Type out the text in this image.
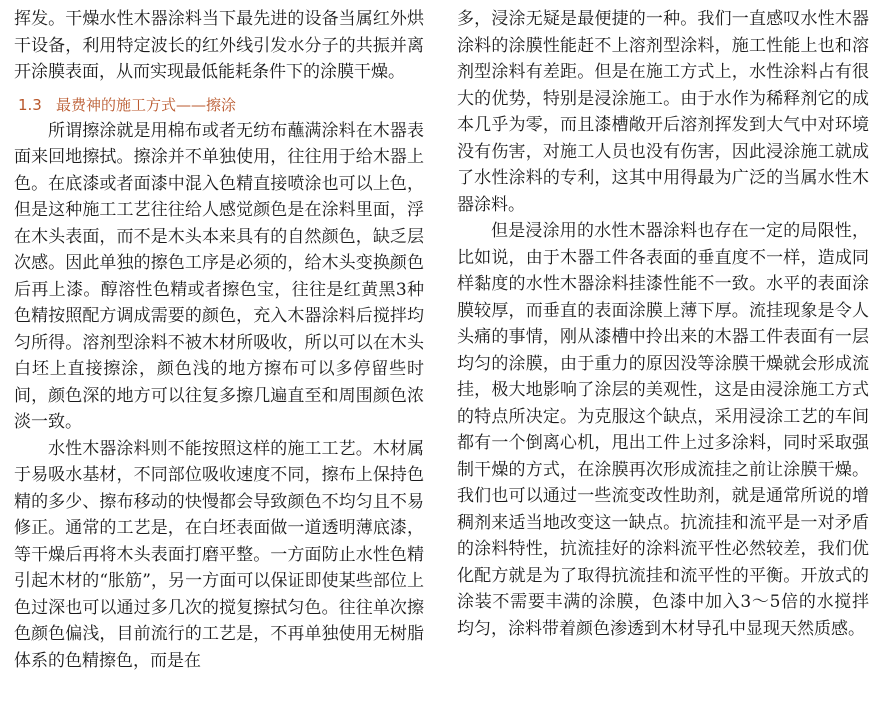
挥发。干燥水性木器涂料当下最先进的设备当属红外烘干设备，利用特定波长的红外线引发水分子的共振并离开涂膜表面，从而实现最低能耗条件下的涂膜干燥。

1.3 最费神的施工方式——擦涂

所谓擦涂就是用棉布或者无纺布蘸满涂料在木器表面来回地擦拭。擦涂并不单独使用，往往用于给木器上色。在底漆或者面漆中混入色精直接喷涂也可以上色，但是这种施工工艺往往给人感觉颜色是在涂料里面，浮在木头表面，而不是木头本来具有的自然颜色，缺乏层次感。因此单独的擦色工序是必须的，给木头变换颜色后再上漆。醇溶性色精或者擦色宝，往往是红黄黑3种色精按照配方调成需要的颜色，充入木器涂料后搅拌均匀所得。溶剂型涂料不被木材所吸收，所以可以在木头白坯上直接擦涂，颜色浅的地方擦布可以多停留些时间，颜色深的地方可以往复多擦几遍直至和周围颜色浓淡一致。

水性木器涂料则不能按照这样的施工工艺。木材属于易吸水基材，不同部位吸收速度不同，擦布上保持色精的多少、擦布移动的快慢都会导致颜色不均匀且不易修正。通常的工艺是，在白坯表面做一道透明薄底漆，等干燥后再将木头表面打磨平整。一方面防止水性色精引起木材的“胀筋”，另一方面可以保证即使某些部位上色过深也可以通过多几次的搅复擦拭匀色。往往单次擦色颜色偏浅，目前流行的工艺是，不再单独使用无树脂体系的色精擦色，而是在

多，浸涂无疑是最便捷的一种。我们一直感叹水性木器涂料的涂膜性能赶不上溶剂型涂料，施工性能上也和溶剂型涂料有差距。但是在施工方式上，水性涂料占有很大的优势，特别是浸涂施工。由于水作为稀释剂它的成本几乎为零，而且漆槽敞开后溶剂挥发到大气中对环境没有伤害，对施工人员也没有伤害，因此浸涂施工就成了水性涂料的专利，这其中用得最为广泛的当属水性木器涂料。

但是浸涂用的水性木器涂料也存在一定的局限性，比如说，由于木器工件各表面的垂直度不一样，造成同样黏度的水性木器涂料挂漆性能不一致。水平的表面涂膜较厚，而垂直的表面涂膜上薄下厚。流挂现象是令人头痛的事情，刚从漆槽中拎出来的木器工件表面有一层均匀的涂膜，由于重力的原因没等涂膜干燥就会形成流挂，极大地影响了涂层的美观性，这是由浸涂施工方式的特点所决定。为克服这个缺点，采用浸涂工艺的车间都有一个倒离心机，甩出工件上过多涂料，同时采取强制干燥的方式，在涂膜再次形成流挂之前让涂膜干燥。我们也可以通过一些流变改性助剂，就是通常所说的增稠剂来适当地改变这一缺点。抗流挂和流平是一对矛盾的涂料特性，抗流挂好的涂料流平性必然较差，我们优化配方就是为了取得抗流挂和流平性的平衡。开放式的涂装不需要丰满的涂膜，色漆中加入3～5倍的水搅拌均匀，涂料带着颜色渗透到木材导孔中显现天然质感。
